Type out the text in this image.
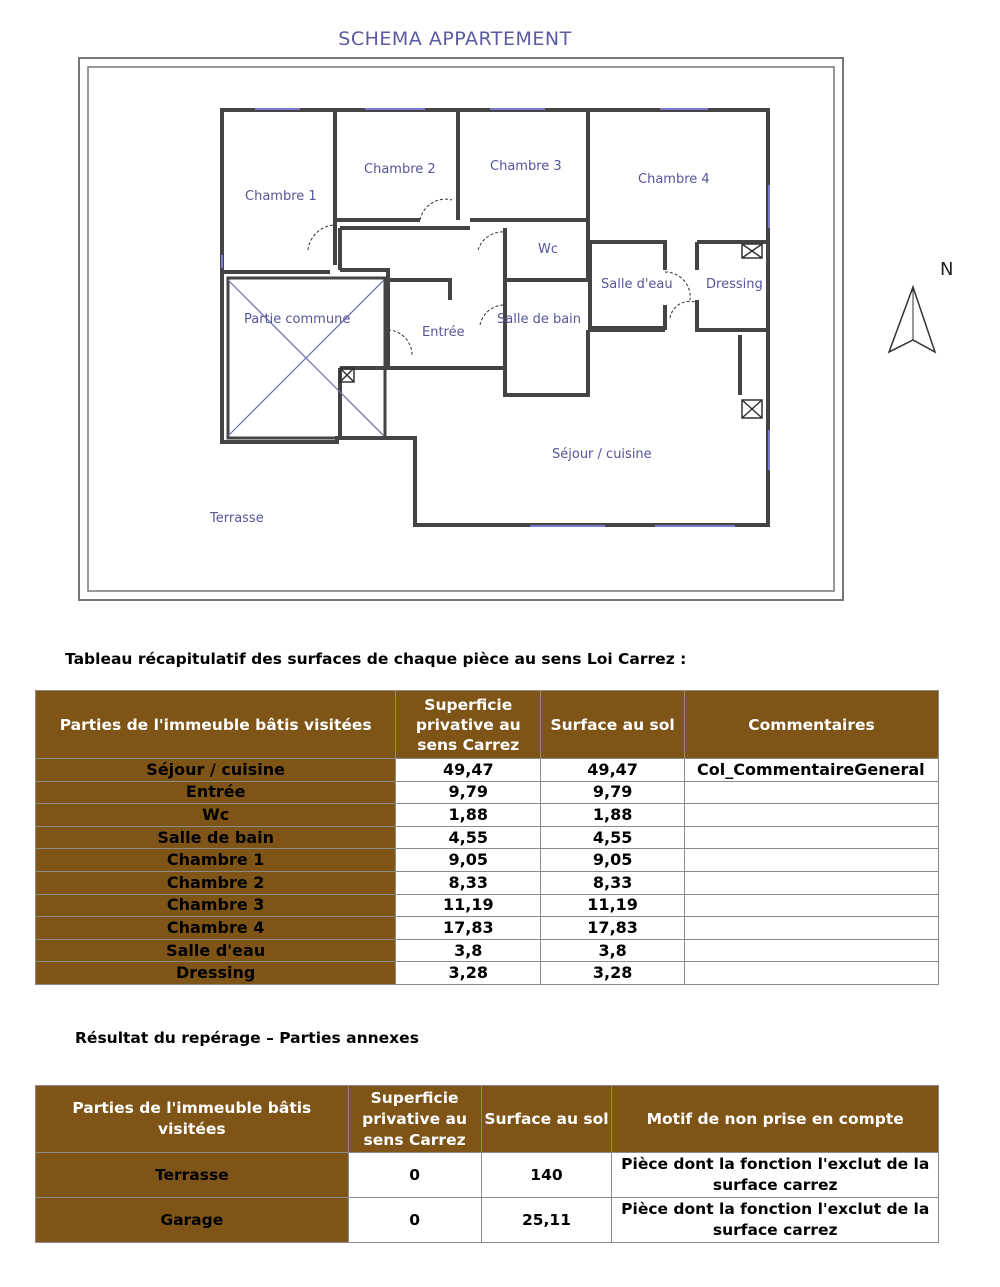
SCHEMA APPARTEMENT
Chambre 1
Chambre 2	Chambre 3
Chambre 4
Wc
Salle d'eau	Dressing
Partie commune
Entrée
Salle de bain
Séjour / cuisine
Terrasse
N
Tableau récapitulatif des surfaces de chaque pièce au sens Loi Carrez :
Parties de l'immeuble bâtis visitées	Superficie privative au sens Carrez	Surface au sol	Commentaires
Séjour / cuisine	49,47	49,47	Col_CommentaireGeneral
Entrée	9,79	9,79	
Wc	1,88	1,88	
Salle de bain	4,55	4,55	
Chambre 1	9,05	9,05	
Chambre 2	8,33	8,33	
Chambre 3	11,19	11,19	
Chambre 4	17,83	17,83	
Salle d'eau	3,8	3,8	
Dressing	3,28	3,28	
Résultat du repérage – Parties annexes
Parties de l'immeuble bâtis visitées	Superficie privative au sens Carrez	Surface au sol	Motif de non prise en compte
Terrasse	0	140	Pièce dont la fonction l'exclut de la surface carrez
Garage	0	25,11	Pièce dont la fonction l'exclut de la surface carrez
